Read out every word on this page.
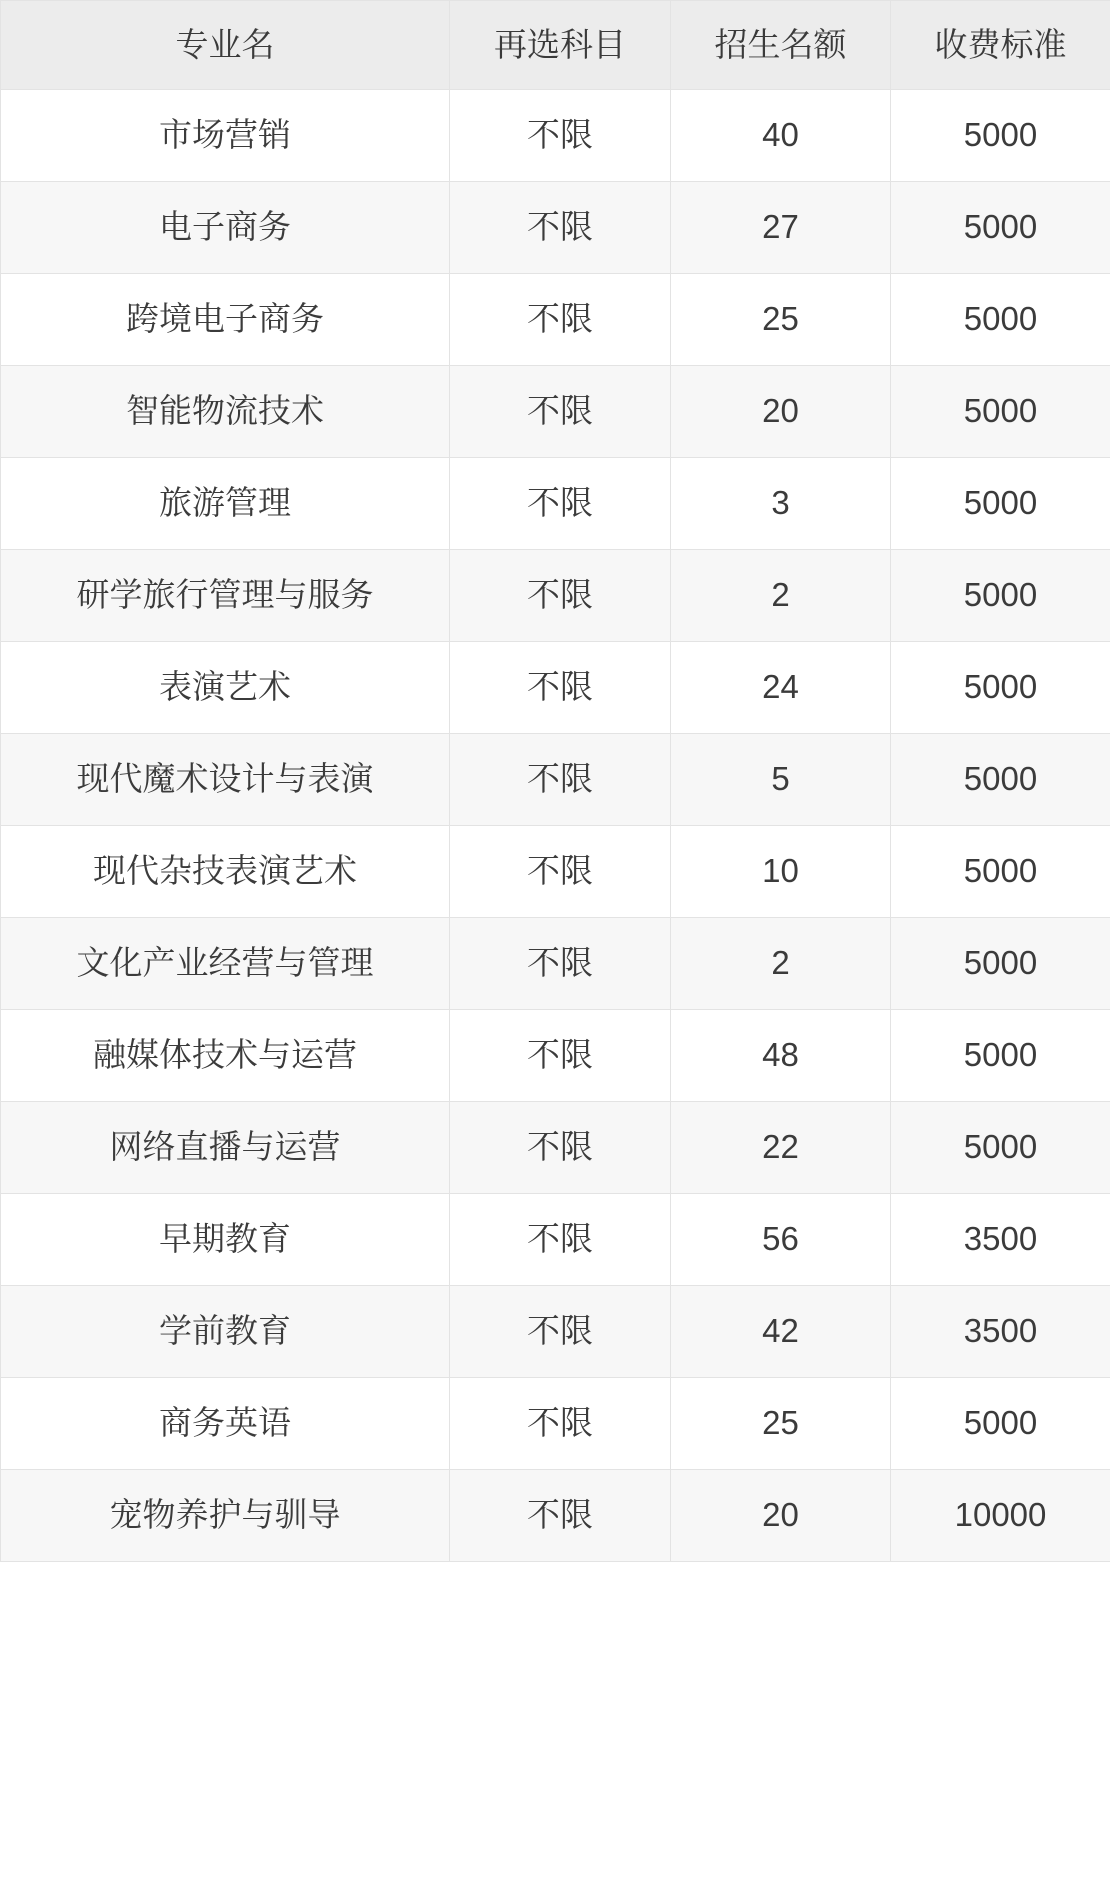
专业名	再选科目	招生名额	收费标准
市场营销	不限	40	5000
电子商务	不限	27	5000
跨境电子商务	不限	25	5000
智能物流技术	不限	20	5000
旅游管理	不限	3	5000
研学旅行管理与服务	不限	2	5000
表演艺术	不限	24	5000
现代魔术设计与表演	不限	5	5000
现代杂技表演艺术	不限	10	5000
文化产业经营与管理	不限	2	5000
融媒体技术与运营	不限	48	5000
网络直播与运营	不限	22	5000
早期教育	不限	56	3500
学前教育	不限	42	3500
商务英语	不限	25	5000
宠物养护与驯导	不限	20	10000
